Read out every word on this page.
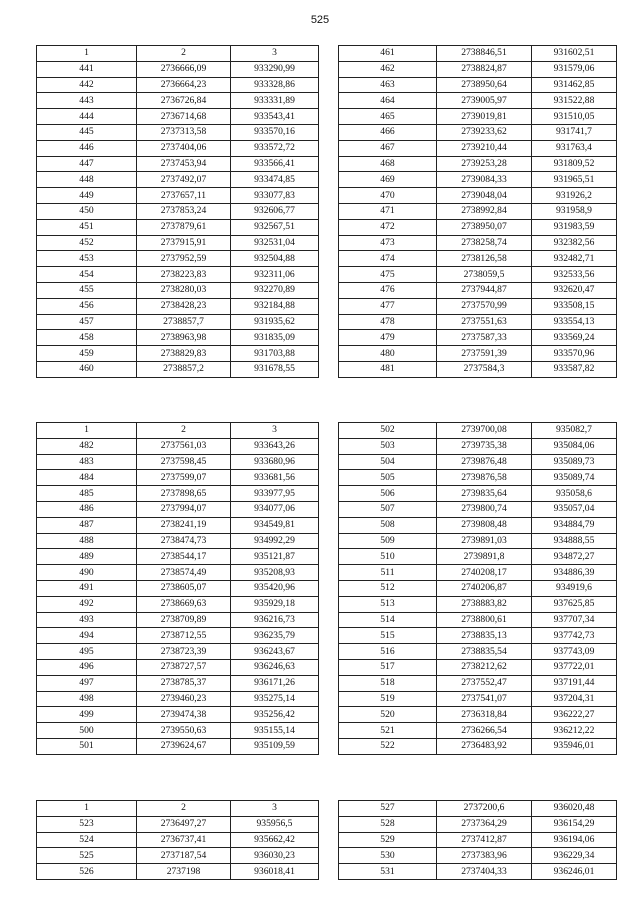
525
1	2	3
441	2736666,09	933290,99
442	2736664,23	933328,86
443	2736726,84	933331,89
444	2736714,68	933543,41
445	2737313,58	933570,16
446	2737404,06	933572,72
447	2737453,94	933566,41
448	2737492,07	933474,85
449	2737657,11	933077,83
450	2737853,24	932606,77
451	2737879,61	932567,51
452	2737915,91	932531,04
453	2737952,59	932504,88
454	2738223,83	932311,06
455	2738280,03	932270,89
456	2738428,23	932184,88
457	2738857,7	931935,62
458	2738963,98	931835,09
459	2738829,83	931703,88
460	2738857,2	931678,55
461	2738846,51	931602,51
462	2738824,87	931579,06
463	2738950,64	931462,85
464	2739005,97	931522,88
465	2739019,81	931510,05
466	2739233,62	931741,7
467	2739210,44	931763,4
468	2739253,28	931809,52
469	2739084,33	931965,51
470	2739048,04	931926,2
471	2738992,84	931958,9
472	2738950,07	931983,59
473	2738258,74	932382,56
474	2738126,58	932482,71
475	2738059,5	932533,56
476	2737944,87	932620,47
477	2737570,99	933508,15
478	2737551,63	933554,13
479	2737587,33	933569,24
480	2737591,39	933570,96
481	2737584,3	933587,82
1	2	3
482	2737561,03	933643,26
483	2737598,45	933680,96
484	2737599,07	933681,56
485	2737898,65	933977,95
486	2737994,07	934077,06
487	2738241,19	934549,81
488	2738474,73	934992,29
489	2738544,17	935121,87
490	2738574,49	935208,93
491	2738605,07	935420,96
492	2738669,63	935929,18
493	2738709,89	936216,73
494	2738712,55	936235,79
495	2738723,39	936243,67
496	2738727,57	936246,63
497	2738785,37	936171,26
498	2739460,23	935275,14
499	2739474,38	935256,42
500	2739550,63	935155,14
501	2739624,67	935109,59
502	2739700,08	935082,7
503	2739735,38	935084,06
504	2739876,48	935089,73
505	2739876,58	935089,74
506	2739835,64	935058,6
507	2739800,74	935057,04
508	2739808,48	934884,79
509	2739891,03	934888,55
510	2739891,8	934872,27
511	2740208,17	934886,39
512	2740206,87	934919,6
513	2738883,82	937625,85
514	2738800,61	937707,34
515	2738835,13	937742,73
516	2738835,54	937743,09
517	2738212,62	937722,01
518	2737552,47	937191,44
519	2737541,07	937204,31
520	2736318,84	936222,27
521	2736266,54	936212,22
522	2736483,92	935946,01
1	2	3
523	2736497,27	935956,5
524	2736737,41	935662,42
525	2737187,54	936030,23
526	2737198	936018,41
527	2737200,6	936020,48
528	2737364,29	936154,29
529	2737412,87	936194,06
530	2737383,96	936229,34
531	2737404,33	936246,01
